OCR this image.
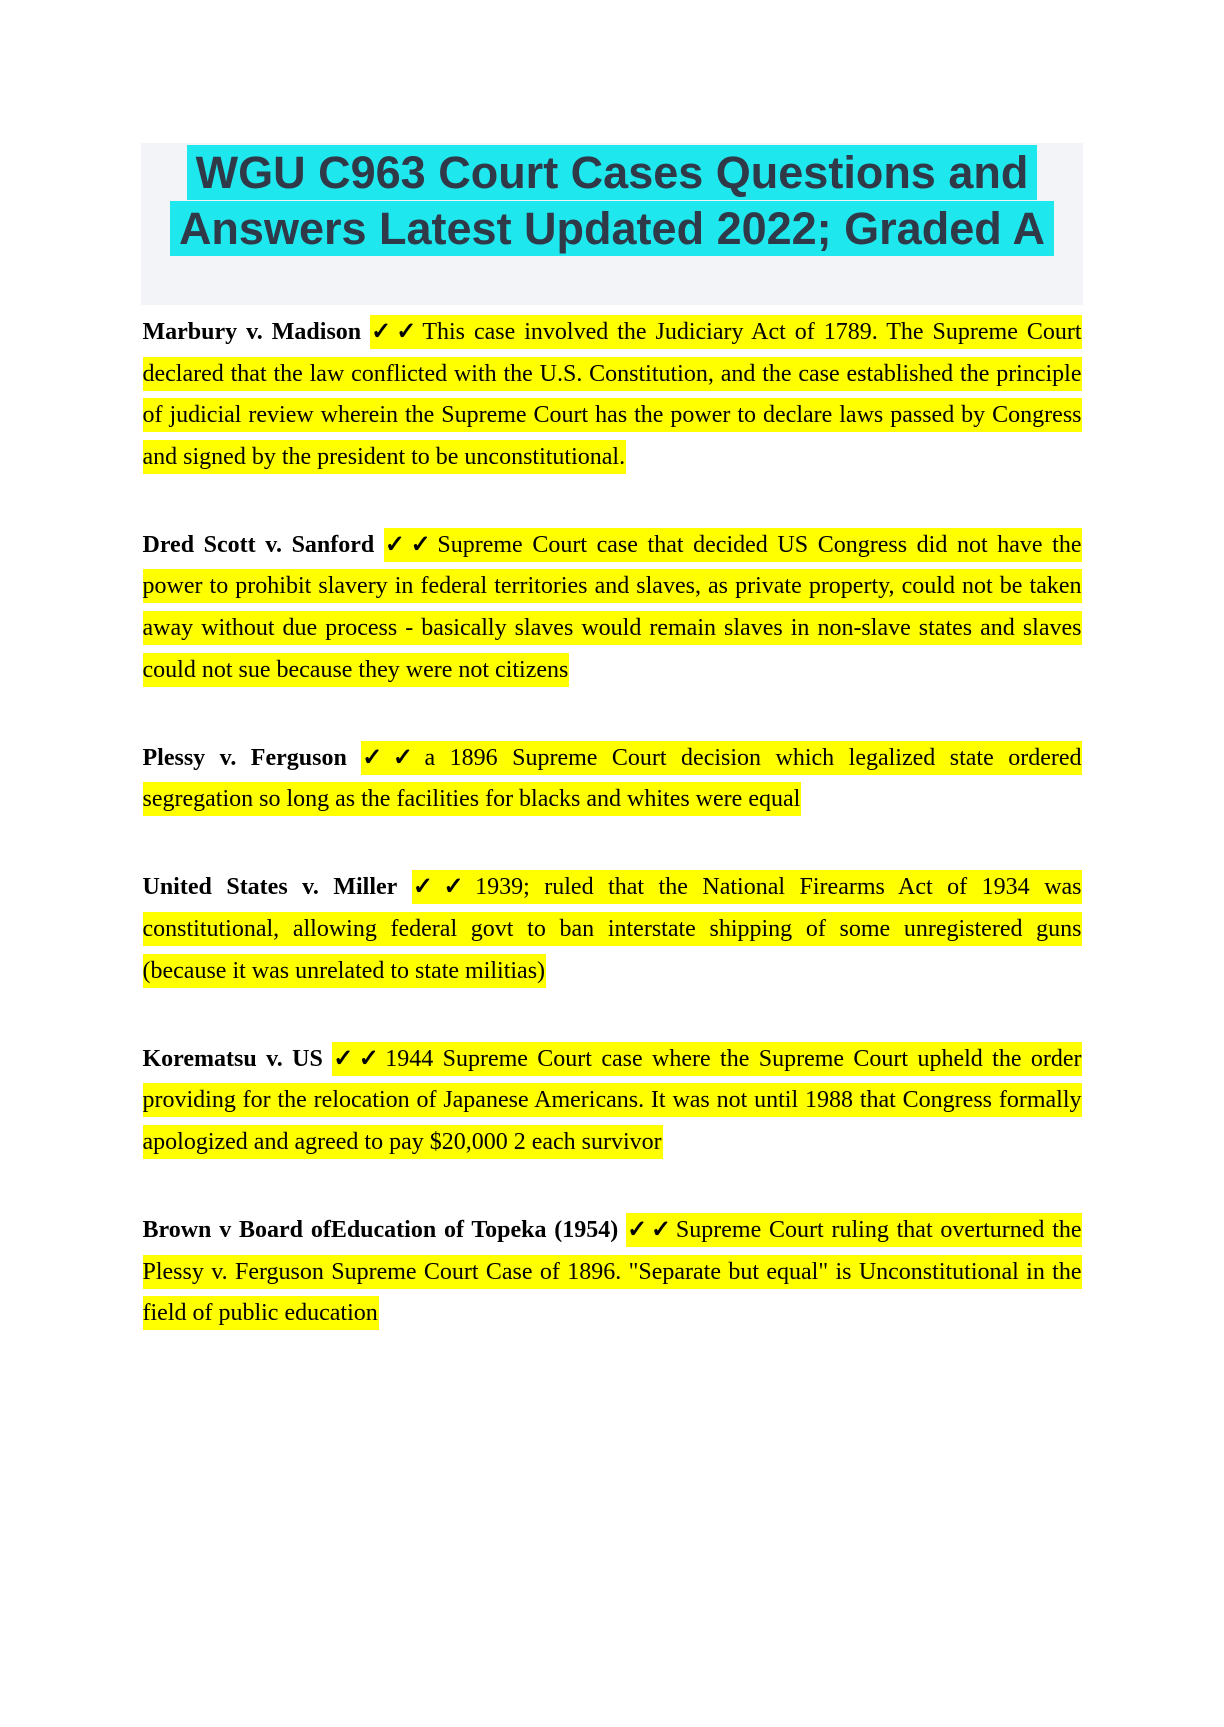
WGU C963 Court Cases Questions and
Answers Latest Updated 2022; Graded A

Marbury v. Madison ✓✓This case involved the Judiciary Act of 1789. The Supreme Court declared that the law conflicted with the U.S. Constitution, and the case established the principle of judicial review wherein the Supreme Court has the power to declare laws passed by Congress and signed by the president to be unconstitutional.

Dred Scott v. Sanford ✓✓Supreme Court case that decided US Congress did not have the power to prohibit slavery in federal territories and slaves, as private property, could not be taken away without due process - basically slaves would remain slaves in non-slave states and slaves could not sue because they were not citizens

Plessy v. Ferguson ✓✓a 1896 Supreme Court decision which legalized state ordered segregation so long as the facilities for blacks and whites were equal

United States v. Miller ✓✓1939; ruled that the National Firearms Act of 1934 was constitutional, allowing federal govt to ban interstate shipping of some unregistered guns (because it was unrelated to state militias)

Korematsu v. US ✓✓1944 Supreme Court case where the Supreme Court upheld the order providing for the relocation of Japanese Americans. It was not until 1988 that Congress formally apologized and agreed to pay $20,000 2 each survivor

Brown v Board ofEducation of Topeka (1954) ✓✓Supreme Court ruling that overturned the Plessy v. Ferguson Supreme Court Case of 1896. "Separate but equal" is Unconstitutional in the field of public education
